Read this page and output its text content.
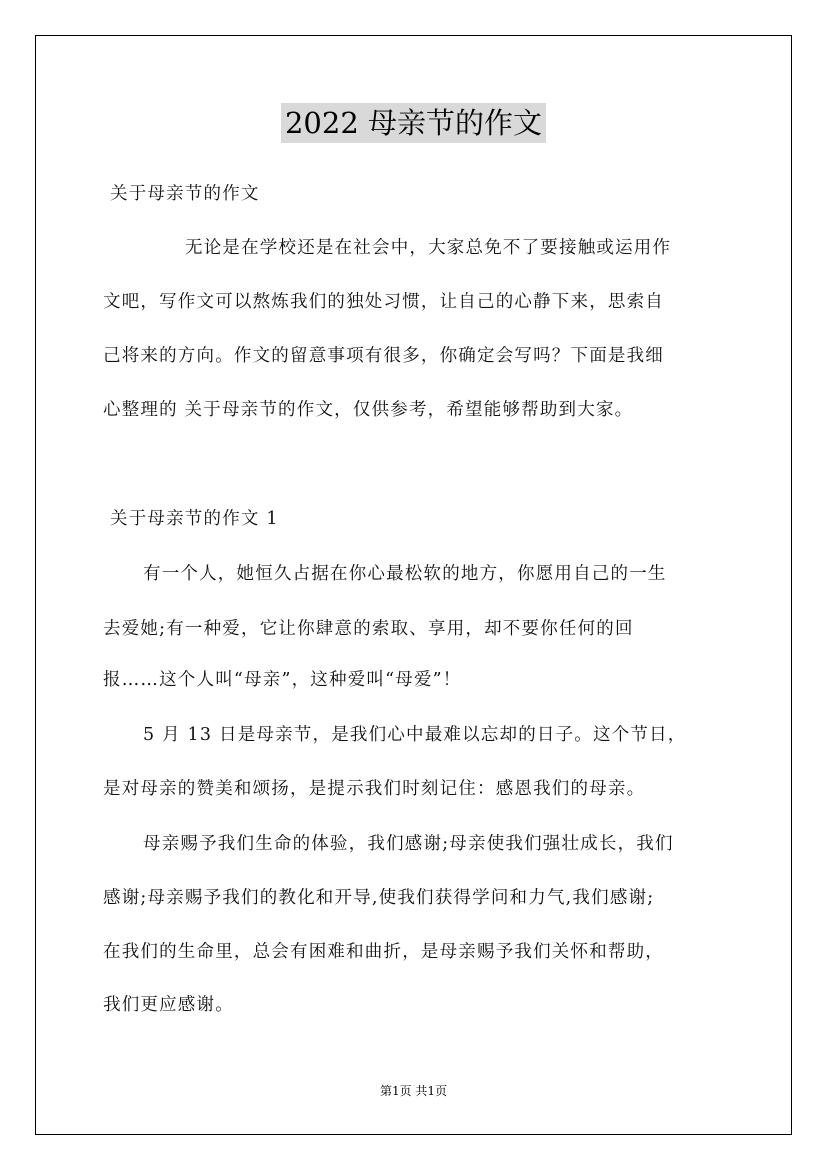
2022 母亲节的作文
关于母亲节的作文
无论是在学校还是在社会中，大家总免不了要接触或运用作
文吧，写作文可以熬炼我们的独处习惯，让自己的心静下来，思索自
己将来的方向。作文的留意事项有很多，你确定会写吗？下面是我细
心整理的 关于母亲节的作文，仅供参考，希望能够帮助到大家。
关于母亲节的作文 1
有一个人，她恒久占据在你心最松软的地方，你愿用自己的一生
去爱她;有一种爱，它让你肆意的索取、享用，却不要你任何的回
报……这个人叫“母亲”，这种爱叫“母爱”！
5 月 13 日是母亲节，是我们心中最难以忘却的日子。这个节日，
是对母亲的赞美和颂扬，是提示我们时刻记住：感恩我们的母亲。
母亲赐予我们生命的体验，我们感谢;母亲使我们强壮成长，我们
感谢;母亲赐予我们的教化和开导,使我们获得学问和力气,我们感谢;
在我们的生命里，总会有困难和曲折，是母亲赐予我们关怀和帮助，
我们更应感谢。
第1页 共1页
